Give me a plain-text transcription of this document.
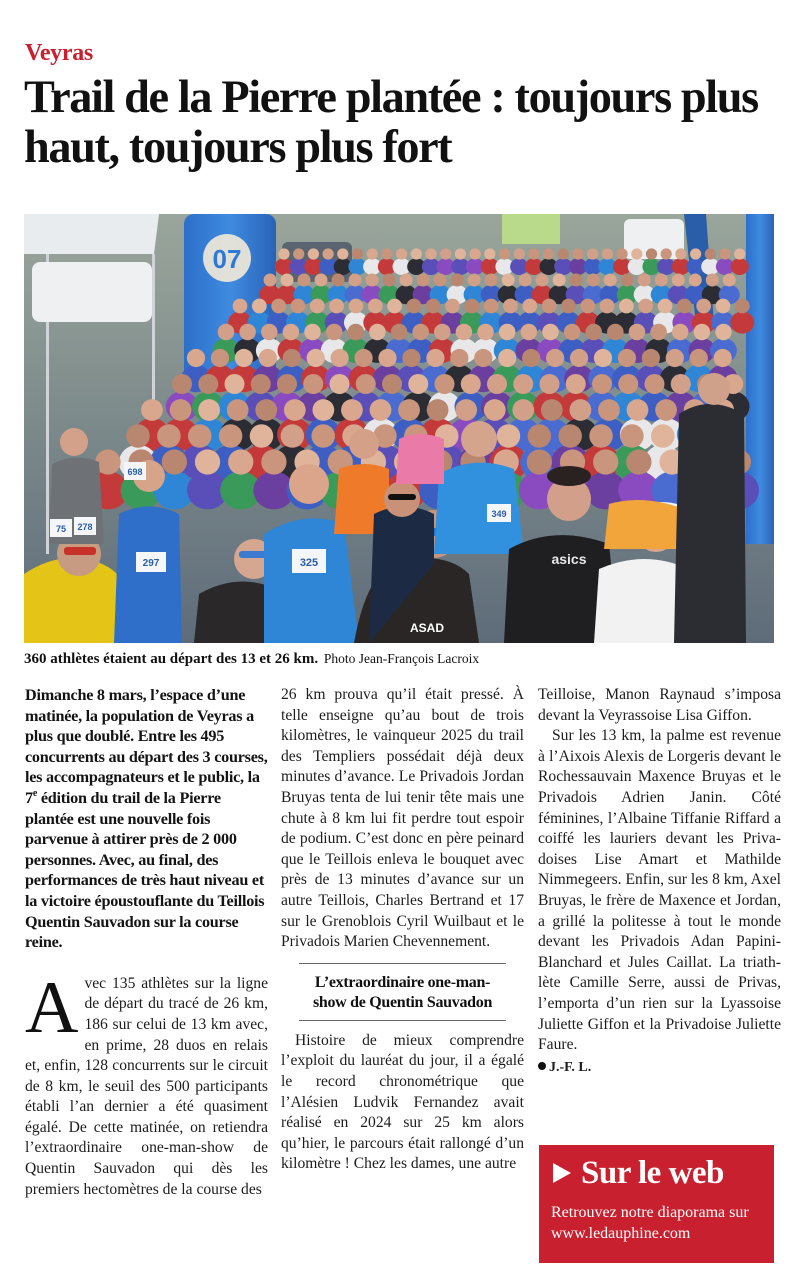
Veyras
Trail de la Pierre plantée : toujours plus haut, toujours plus fort
07
325
297
ASAD
349
asics
75
698
278
360 athlètes étaient au départ des 13 et 26 km. Photo Jean-François Lacroix

Dimanche 8 mars, l’espace d’une matinée, la population de Veyras a plus que doublé. Entre les 495 concurrents au départ des 3 courses, les accompagnateurs et le public, la 7e édition du trail de la Pierre plantée est une nouvelle fois parvenue à attirer près de 2 000 personnes. Avec, au final, des performances de très haut niveau et la victoire époustouflante du Teillois Quentin Sauvadon sur la course reine.

Avec 135 athlètes sur la ligne de départ du tracé de 26 km, 186 sur celui de 13 km avec, en prime, 28 duos en relais et, enfin, 128 concurrents sur le circuit de 8 km, le seuil des 500 participants établi l’an dernier a été quasiment égalé. De cette matinée, on retiendra l’extraordinaire one-man-show de Quentin Sauvadon qui dès les premiers hectomètres de la course des

26 km prouva qu’il était pressé. À telle enseigne qu’au bout de trois kilomètres, le vainqueur 2025 du trail des Templiers possédait déjà deux minutes d’avance. Le Privadois Jordan Bruyas tenta de lui tenir tête mais une chute à 8 km lui fit perdre tout espoir de podium. C’est donc en père peinard que le Teillois enleva le bouquet avec près de 13 minutes d’avance sur un autre Teillois, Charles Bertrand et 17 sur le Grenoblois Cyril Wuilbaut et le Privadois Marien Chevennement.

L’extraordinaire one-man-show de Quentin Sauvadon

Histoire de mieux comprendre l’exploit du lauréat du jour, il a égalé le record chronométrique que l’Alésien Ludvik Fernandez avait réalisé en 2024 sur 25 km alors qu’hier, le parcours était rallongé d’un kilomètre ! Chez les dames, une autre

Teilloise, Manon Raynaud s’imposa devant la Veyrassoise Lisa Giffon.

Sur les 13 km, la palme est revenue à l’Aixois Alexis de Lorgeris devant le Rochessauvain Maxence Bruyas et le Privadois Adrien Janin. Côté féminines, l’Albaine Tiffanie Riffard a coiffé les lauriers devant les Privadoises Lise Amart et Mathilde Nimmegeers. Enfin, sur les 8 km, Axel Bruyas, le frère de Maxence et Jordan, a grillé la politesse à tout le monde devant les Privadois Adan Papini-Blanchard et Jules Caillat. La triathlète Camille Serre, aussi de Privas, l’emporta d’un rien sur la Lyassoise Juliette Giffon et la Privadoise Juliette Faure.

J.-F. L.

Sur le web
Retrouvez notre diaporama sur www.ledauphine.com
